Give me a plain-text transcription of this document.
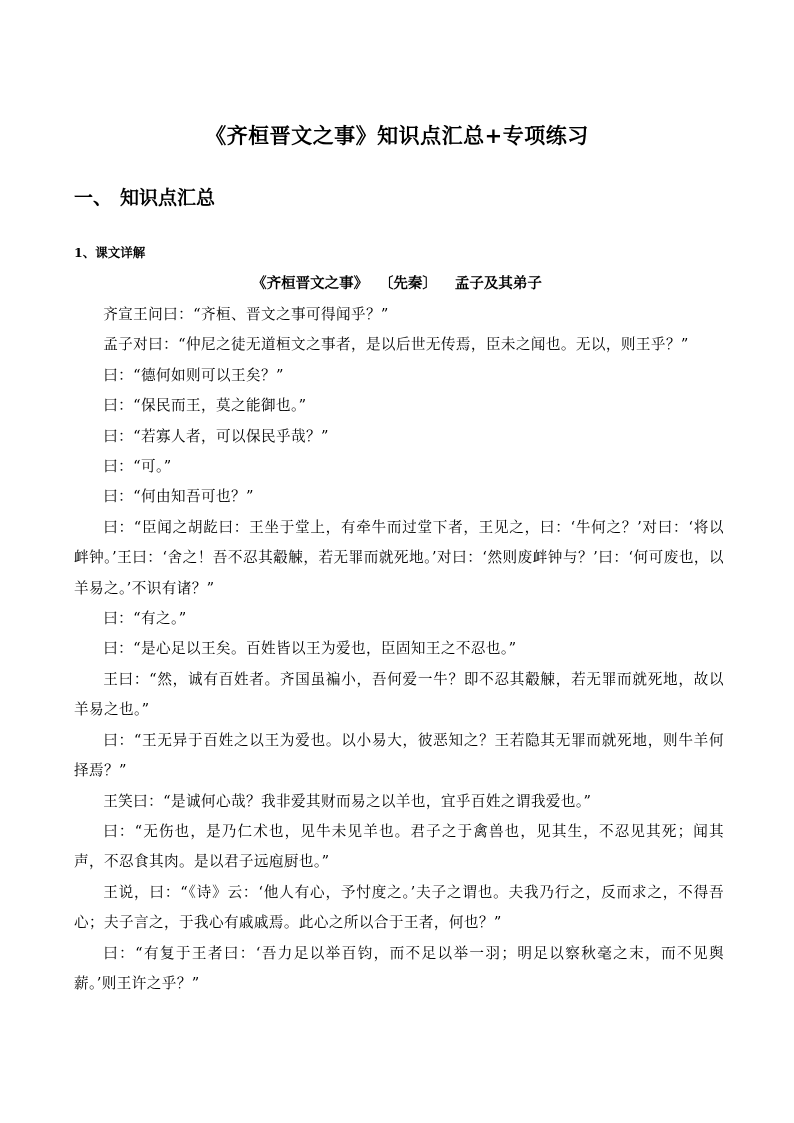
《齐桓晋文之事》知识点汇总+专项练习
一、 知识点汇总
1、课文详解
《齐桓晋文之事》 〔先秦〕 孟子及其弟子

齐宣王问曰：“齐桓、晋文之事可得闻乎？”

孟子对曰：“仲尼之徒无道桓文之事者，是以后世无传焉，臣未之闻也。无以，则王乎？”

曰：“德何如则可以王矣？”

曰：“保民而王，莫之能御也。”

曰：“若寡人者，可以保民乎哉？”

曰：“可。”

曰：“何由知吾可也？”

曰：“臣闻之胡龁曰：王坐于堂上，有牵牛而过堂下者，王见之，曰：‘牛何之？’对曰：‘将以衅钟。’王曰：‘舍之！吾不忍其觳觫，若无罪而就死地。’对曰：‘然则废衅钟与？’曰：‘何可废也，以羊易之。’不识有诸？”

曰：“有之。”

曰：“是心足以王矣。百姓皆以王为爱也，臣固知王之不忍也。”

王曰：“然，诚有百姓者。齐国虽褊小，吾何爱一牛？即不忍其觳觫，若无罪而就死地，故以羊易之也。”

曰：“王无异于百姓之以王为爱也。以小易大，彼恶知之？王若隐其无罪而就死地，则牛羊何择焉？”

王笑曰：“是诚何心哉？我非爱其财而易之以羊也，宜乎百姓之谓我爱也。”

曰：“无伤也，是乃仁术也，见牛未见羊也。君子之于禽兽也，见其生，不忍见其死；闻其声，不忍食其肉。是以君子远庖厨也。”

王说，曰：“《诗》云：‘他人有心，予忖度之。’夫子之谓也。夫我乃行之，反而求之，不得吾心；夫子言之，于我心有戚戚焉。此心之所以合于王者，何也？”

曰：“有复于王者曰：‘吾力足以举百钧，而不足以举一羽；明足以察秋毫之末，而不见舆薪。’则王许之乎？”
